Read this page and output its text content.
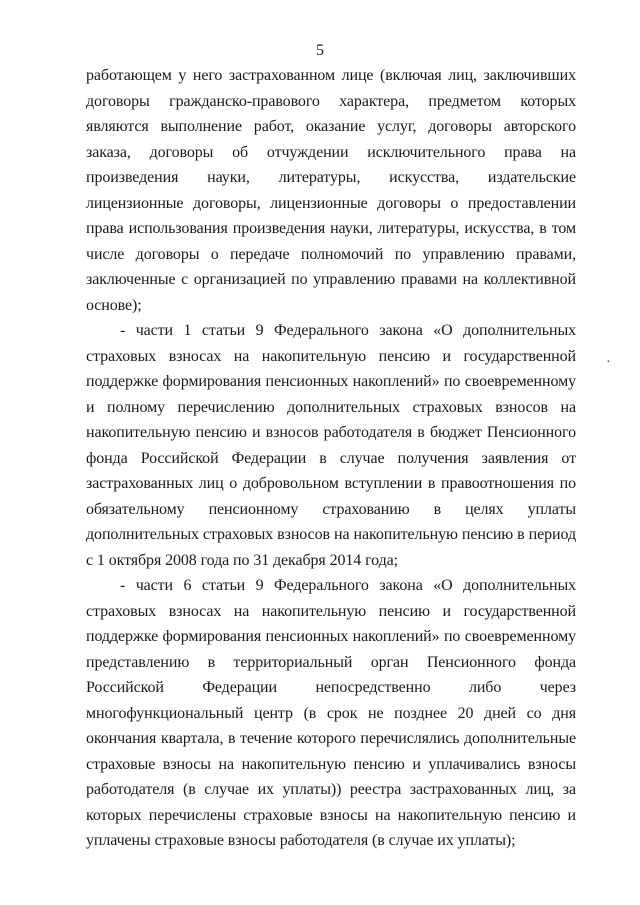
5

работающем у него застрахованном лице (включая лиц, заключивших договоры гражданско-правового характера, предметом которых являются выполнение работ, оказание услуг, договоры авторского заказа, договоры об отчуждении исключительного права на произведения науки, литературы, искусства, издательские лицензионные договоры, лицензионные договоры о предоставлении права использования произведения науки, литературы, искусства, в том числе договоры о передаче полномочий по управлению правами, заключенные с организацией по управлению правами на коллективной основе);

- части 1 статьи 9 Федерального закона «О дополнительных страховых взносах на накопительную пенсию и государственной поддержке формирования пенсионных накоплений» по своевременному и полному перечислению дополнительных страховых взносов на накопительную пенсию и взносов работодателя в бюджет Пенсионного фонда Российской Федерации в случае получения заявления от застрахованных лиц о добровольном вступлении в правоотношения по обязательному пенсионному страхованию в целях уплаты дополнительных страховых взносов на накопительную пенсию в период с 1 октября 2008 года по 31 декабря 2014 года;

- части 6 статьи 9 Федерального закона «О дополнительных страховых взносах на накопительную пенсию и государственной поддержке формирования пенсионных накоплений» по своевременному представлению в территориальный орган Пенсионного фонда Российской Федерации непосредственно либо через многофункциональный центр (в срок не позднее 20 дней со дня окончания квартала, в течение которого перечислялись дополнительные страховые взносы на накопительную пенсию и уплачивались взносы работодателя (в случае их уплаты)) реестра застрахованных лиц, за которых перечислены страховые взносы на накопительную пенсию и уплачены страховые взносы работодателя (в случае их уплаты);

·
